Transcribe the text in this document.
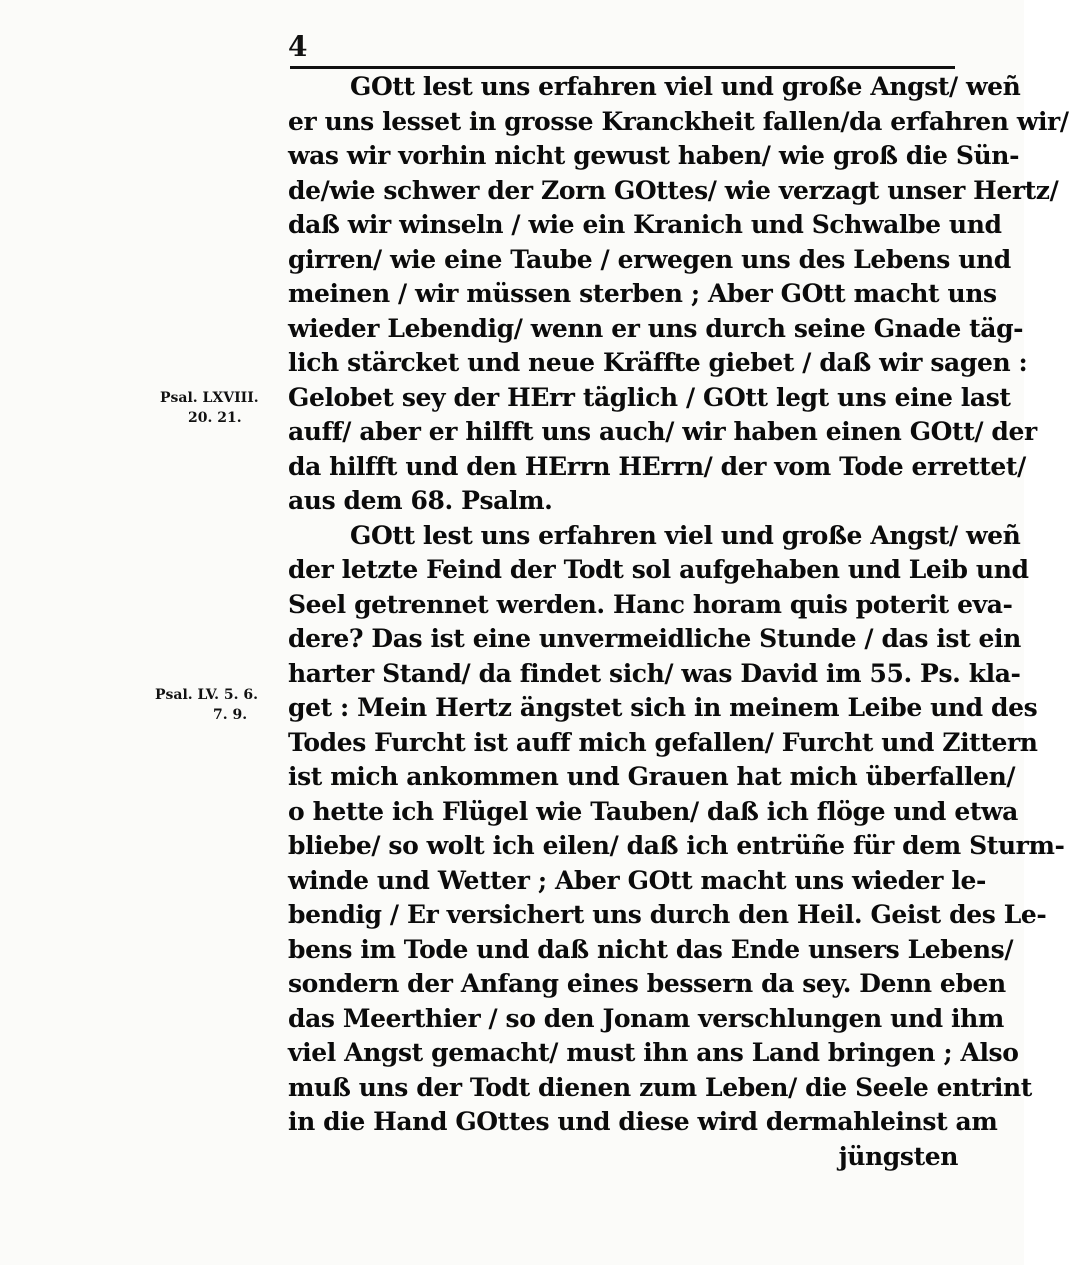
4
Psal. LXVIII.
20. 21.
Psal. LV. 5. 6.
7. 9.
GOtt lest uns erfahren viel und große Angst/ weñ
er uns lesset in grosse Kranckheit fallen/da erfahren wir/
was wir vorhin nicht gewust haben/ wie groß die Sün-
de/wie schwer der Zorn GOttes/ wie verzagt unser Hertz/
daß wir winseln / wie ein Kranich und Schwalbe und
girren/ wie eine Taube / erwegen uns des Lebens und
meinen / wir müssen sterben ; Aber GOtt macht uns
wieder Lebendig/ wenn er uns durch seine Gnade täg-
lich stärcket und neue Kräffte giebet / daß wir sagen :
Gelobet sey der HErr täglich / GOtt legt uns eine last
auff/ aber er hilfft uns auch/ wir haben einen GOtt/ der
da hilfft und den HErrn HErrn/ der vom Tode errettet/
aus dem 68. Psalm.
GOtt lest uns erfahren viel und große Angst/ weñ
der letzte Feind der Todt sol aufgehaben und Leib und
Seel getrennet werden. Hanc horam quis poterit eva-
dere? Das ist eine unvermeidliche Stunde / das ist ein
harter Stand/ da findet sich/ was David im 55. Ps. kla-
get : Mein Hertz ängstet sich in meinem Leibe und des
Todes Furcht ist auff mich gefallen/ Furcht und Zittern
ist mich ankommen und Grauen hat mich überfallen/
o hette ich Flügel wie Tauben/ daß ich flöge und etwa
bliebe/ so wolt ich eilen/ daß ich entrüñe für dem Sturm-
winde und Wetter ; Aber GOtt macht uns wieder le-
bendig / Er versichert uns durch den Heil. Geist des Le-
bens im Tode und daß nicht das Ende unsers Lebens/
sondern der Anfang eines bessern da sey. Denn eben
das Meerthier / so den Jonam verschlungen und ihm
viel Angst gemacht/ must ihn ans Land bringen ; Also
muß uns der Todt dienen zum Leben/ die Seele entrint
in die Hand GOttes und diese wird dermahleinst am
jüngsten
